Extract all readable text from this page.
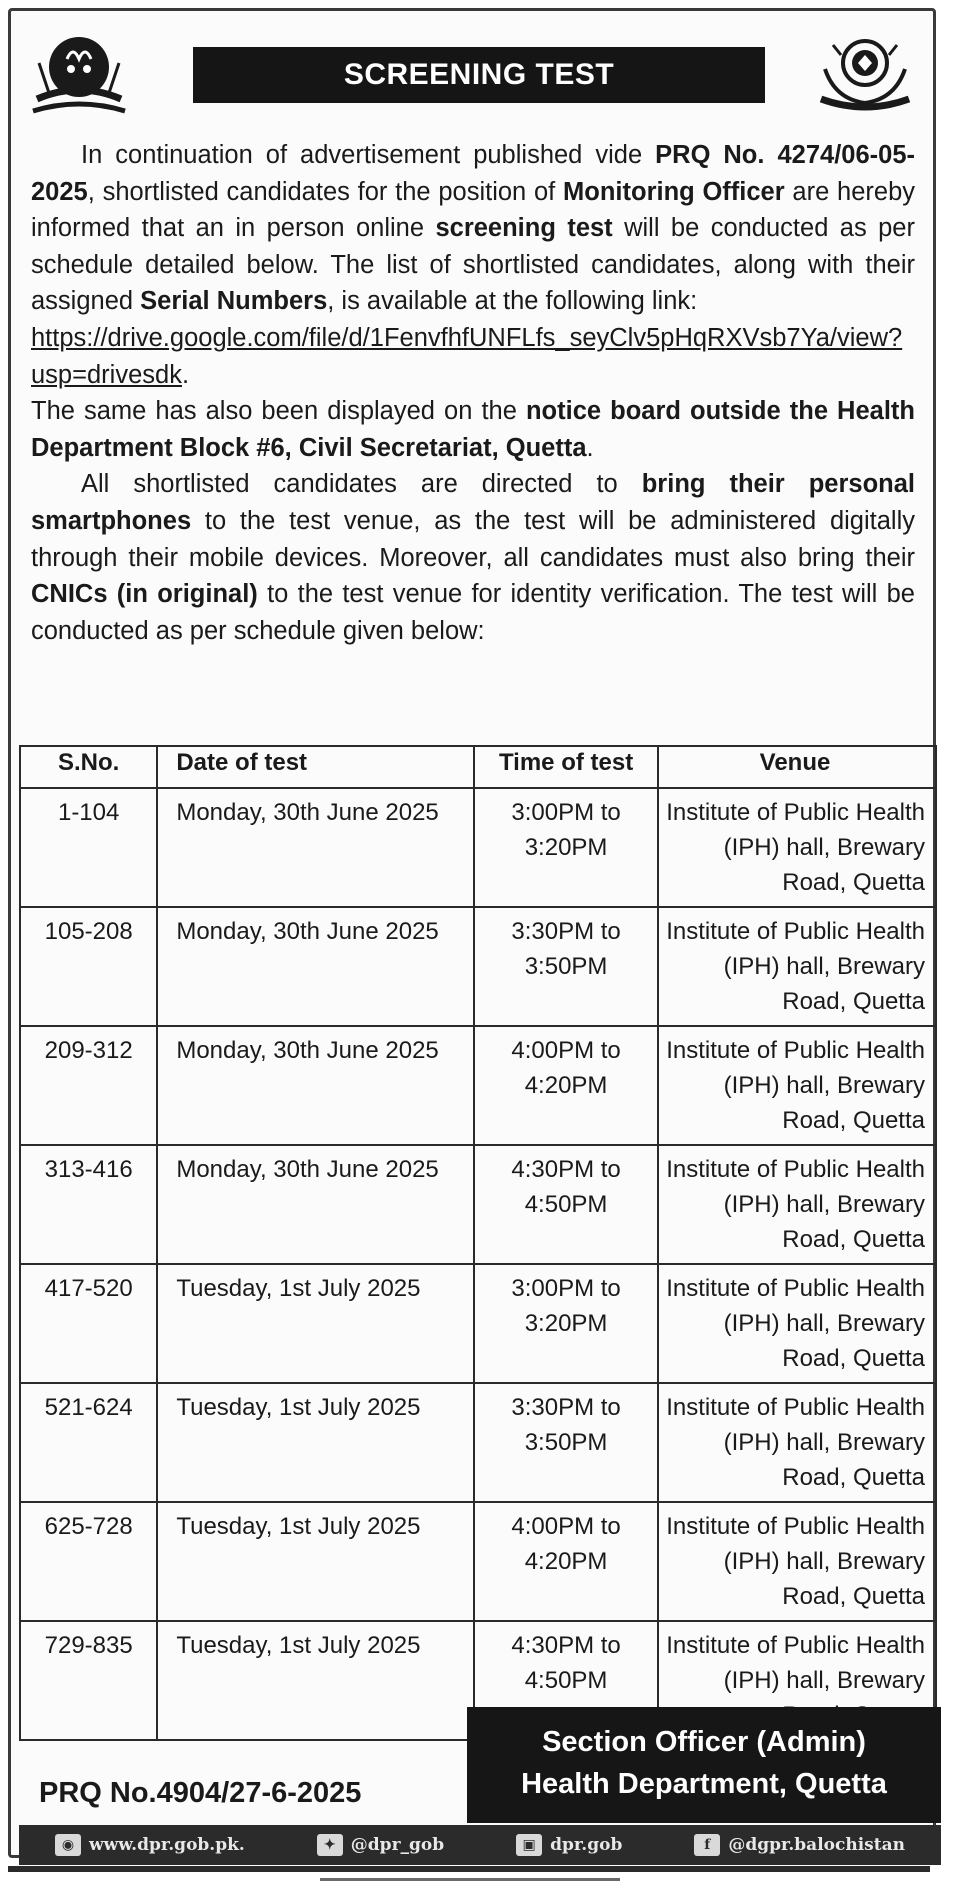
SCREENING TEST

In continuation of advertisement published vide PRQ No. 4274/06-05-2025, shortlisted candidates for the position of Monitoring Officer are hereby informed that an in person online screening test will be conducted as per schedule detailed below. The list of shortlisted candidates, along with their assigned Serial Numbers, is available at the following link:

https://drive.google.com/file/d/1FenvfhfUNFLfs_seyClv5pHqRXVsb7Ya/view?usp=drivesdk.

The same has also been displayed on the notice board outside the Health Department Block #6, Civil Secretariat, Quetta.

All shortlisted candidates are directed to bring their personal smartphones to the test venue, as the test will be administered digitally through their mobile devices. Moreover, all candidates must also bring their CNICs (in original) to the test venue for identity verification. The test will be conducted as per schedule given below:

S.No.	Date of test	Time of test	Venue
1-104	Monday, 30th June 2025	3:00PM to 3:20PM	Institute of Public Health (IPH) hall, Brewary Road, Quetta
105-208	Monday, 30th June 2025	3:30PM to 3:50PM	Institute of Public Health (IPH) hall, Brewary Road, Quetta
209-312	Monday, 30th June 2025	4:00PM to 4:20PM	Institute of Public Health (IPH) hall, Brewary Road, Quetta
313-416	Monday, 30th June 2025	4:30PM to 4:50PM	Institute of Public Health (IPH) hall, Brewary Road, Quetta
417-520	Tuesday, 1st July 2025	3:00PM to 3:20PM	Institute of Public Health (IPH) hall, Brewary Road, Quetta
521-624	Tuesday, 1st July 2025	3:30PM to 3:50PM	Institute of Public Health (IPH) hall, Brewary Road, Quetta
625-728	Tuesday, 1st July 2025	4:00PM to 4:20PM	Institute of Public Health (IPH) hall, Brewary Road, Quetta
729-835	Tuesday, 1st July 2025	4:30PM to 4:50PM	Institute of Public Health (IPH) hall, Brewary
Section Officer (Admin)
Health Department, Quetta
PRQ No.4904/27-6-2025
◉ www.dpr.gob.pk.	✦ @dpr_gob	▣ dpr.gob	f	@dgpr.balochistan
